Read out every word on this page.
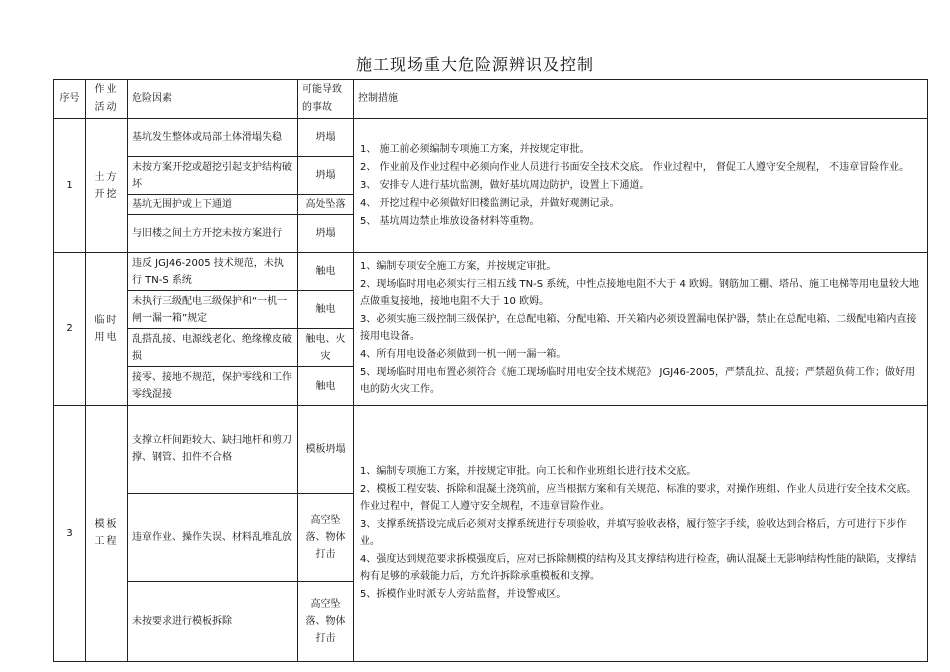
施工现场重大危险源辨识及控制
序号	作业活动	危险因素	可能导致的事故	控制措施
1	土方开挖	基坑发生整体或局部土体滑塌失稳	坍塌	1、 施工前必须编制专项施工方案，并按规定审批。
2、 作业前及作业过程中必须向作业人员进行书面安全技术交底。 作业过程中， 督促工人遵守安全规程， 不违章冒险作业。
3、 安排专人进行基坑监测，做好基坑周边防护，设置上下通道。
4、 开挖过程中必须做好旧楼监测记录，并做好观测记录。
5、 基坑周边禁止堆放设备材料等重物。

		未按方案开挖或超挖引起支护结构破坏	坍塌	
		基坑无围护或上下通道	高处坠落	
		与旧楼之间土方开挖未按方案进行	坍塌	
2	临时用电	违反 JGJ46-2005 技术规范，未执行 TN-S 系统	触电	1、编制专项安全施工方案，并按规定审批。
2、现场临时用电必须实行三相五线 TN-S 系统，中性点接地电阻不大于 4 欧姆。钢筋加工棚、塔吊、施工电梯等用电量较大地点做重复接地，接地电阻不大于 10 欧姆。
3、必须实施三级控制三级保护，在总配电箱、分配电箱、开关箱内必须设置漏电保护器，禁止在总配电箱、二级配电箱内直接接用电设备。
4、所有用电设备必须做到一机一闸一漏一箱。
5、现场临时用电布置必须符合《施工现场临时用电安全技术规范》 JGJ46-2005，严禁乱拉、乱接；严禁超负荷工作；做好用电的防火灾工作。

		未执行三级配电三级保护和“一机一闸一漏一箱”规定	触电	
		乱搭乱接、电源线老化、绝缘橡皮破损	触电、火灾	
		接零、接地不规范，保护零线和工作零线混接	触电	
3	模板工程	支撑立杆间距较大、缺扫地杆和剪刀撑、钢管、扣件不合格	模板坍塌	1、编制专项施工方案，并按规定审批。向工长和作业班组长进行技术交底。
2、模板工程安装、拆除和混凝土浇筑前，应当根据方案和有关规范、标准的要求，对操作班组、作业人员进行安全技术交底。作业过程中，督促工人遵守安全规程，不违章冒险作业。
3、支撑系统搭设完成后必须对支撑系统进行专项验收，并填写验收表格，履行签字手续，验收达到合格后，方可进行下步作业。
4、强度达到规范要求拆模强度后，应对已拆除侧模的结构及其支撑结构进行检查，确认混凝土无影响结构性能的缺陷，支撑结构有足够的承载能力后，方允许拆除承重模板和支撑。
5、拆模作业时派专人旁站监督，并设警戒区。

		违章作业、操作失误、材料乱堆乱放	高空坠落、物体打击	
		未按要求进行模板拆除	高空坠落、物体打击	
